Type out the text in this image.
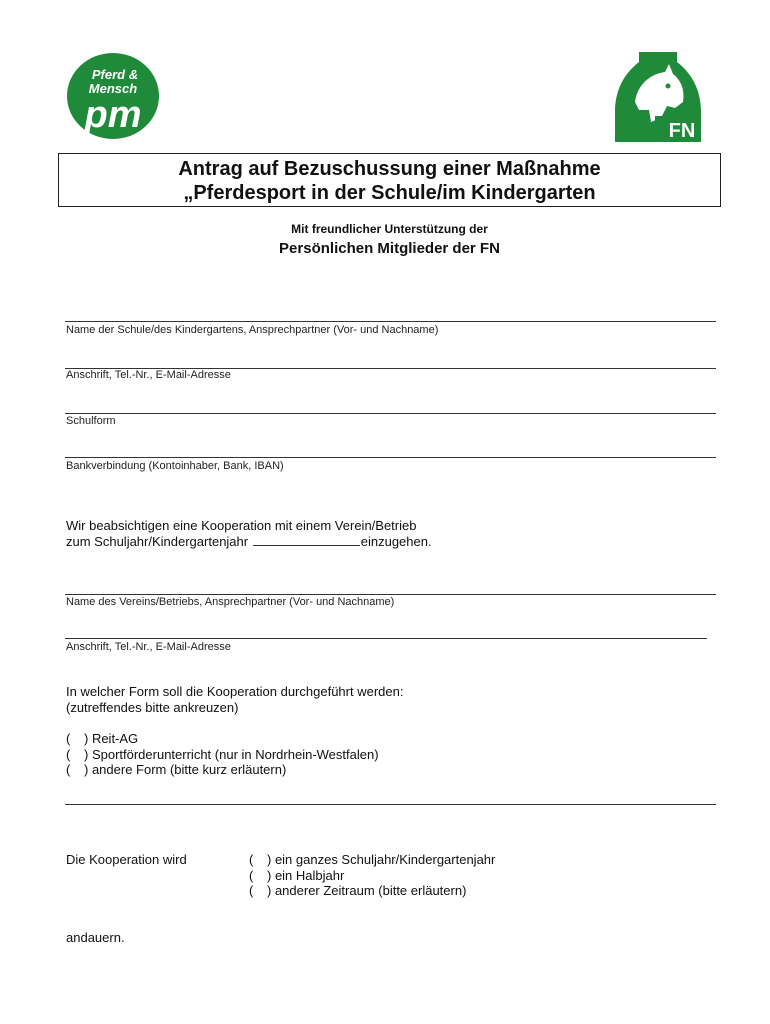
Pferd &
Mensch
pm	FN
Antrag auf Bezuschussung einer Maßnahme
„Pferdesport in der Schule/im Kindergarten
Mit freundlicher Unterstützung der
Persönlichen Mitglieder der FN
Name der Schule/des Kindergartens, Ansprechpartner (Vor- und Nachname)
Anschrift, Tel.-Nr., E-Mail-Adresse
Schulform
Bankverbindung (Kontoinhaber, Bank, IBAN)
Wir beabsichtigen eine Kooperation mit einem Verein/Betrieb
zum Schuljahr/Kindergartenjahr	einzugehen.
Name des Vereins/Betriebs, Ansprechpartner (Vor- und Nachname)
Anschrift, Tel.-Nr., E-Mail-Adresse
In welcher Form soll die Kooperation durchgeführt werden:
(zutreffendes bitte ankreuzen)
( ) Reit-AG
( ) Sportförderunterricht (nur in Nordrhein-Westfalen)
( ) andere Form (bitte kurz erläutern)
Die Kooperation wird	( ) ein ganzes Schuljahr/Kindergartenjahr
( ) ein Halbjahr
( ) anderer Zeitraum (bitte erläutern)
andauern.
